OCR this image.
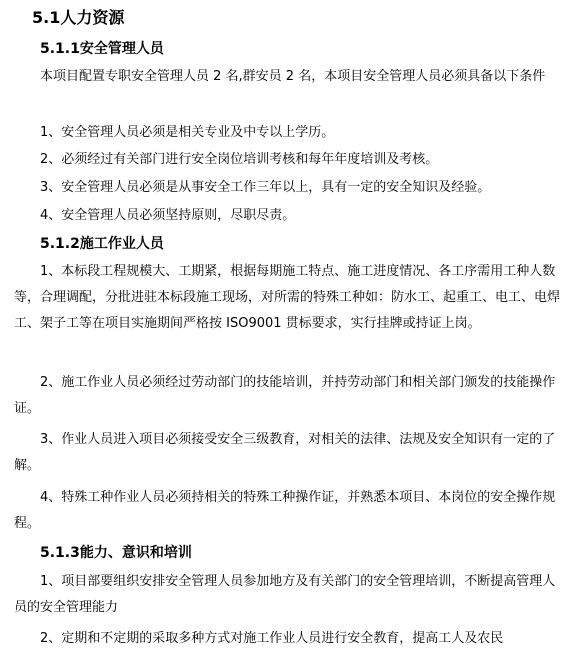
5.1人力资源
5.1.1安全管理人员
本项目配置专职安全管理人员 2 名,群安员 2 名，本项目安全管理人员必须具备以下条件
1、安全管理人员必须是相关专业及中专以上学历。
2、必须经过有关部门进行安全岗位培训考核和每年年度培训及考核。
3、安全管理人员必须是从事安全工作三年以上，具有一定的安全知识及经验。
4、安全管理人员必须坚持原则，尽职尽责。
5.1.2施工作业人员
1、本标段工程规模大、工期紧，根据每期施工特点、施工进度情况、各工序需用工种人数等，合理调配，分批进驻本标段施工现场，对所需的特殊工种如：防水工、起重工、电工、电焊工、架子工等在项目实施期间严格按 ISO9001 贯标要求，实行挂牌或持证上岗。
2、施工作业人员必须经过劳动部门的技能培训，并持劳动部门和相关部门颁发的技能操作证。
3、作业人员进入项目必须接受安全三级教育，对相关的法律、法规及安全知识有一定的了解。
4、特殊工种作业人员必须持相关的特殊工种操作证，并熟悉本项目、本岗位的安全操作规程。
5.1.3能力、意识和培训
1、项目部要组织安排安全管理人员参加地方及有关部门的安全管理培训，不断提高管理人员的安全管理能力
2、定期和不定期的采取多种方式对施工作业人员进行安全教育，提高工人及农民
